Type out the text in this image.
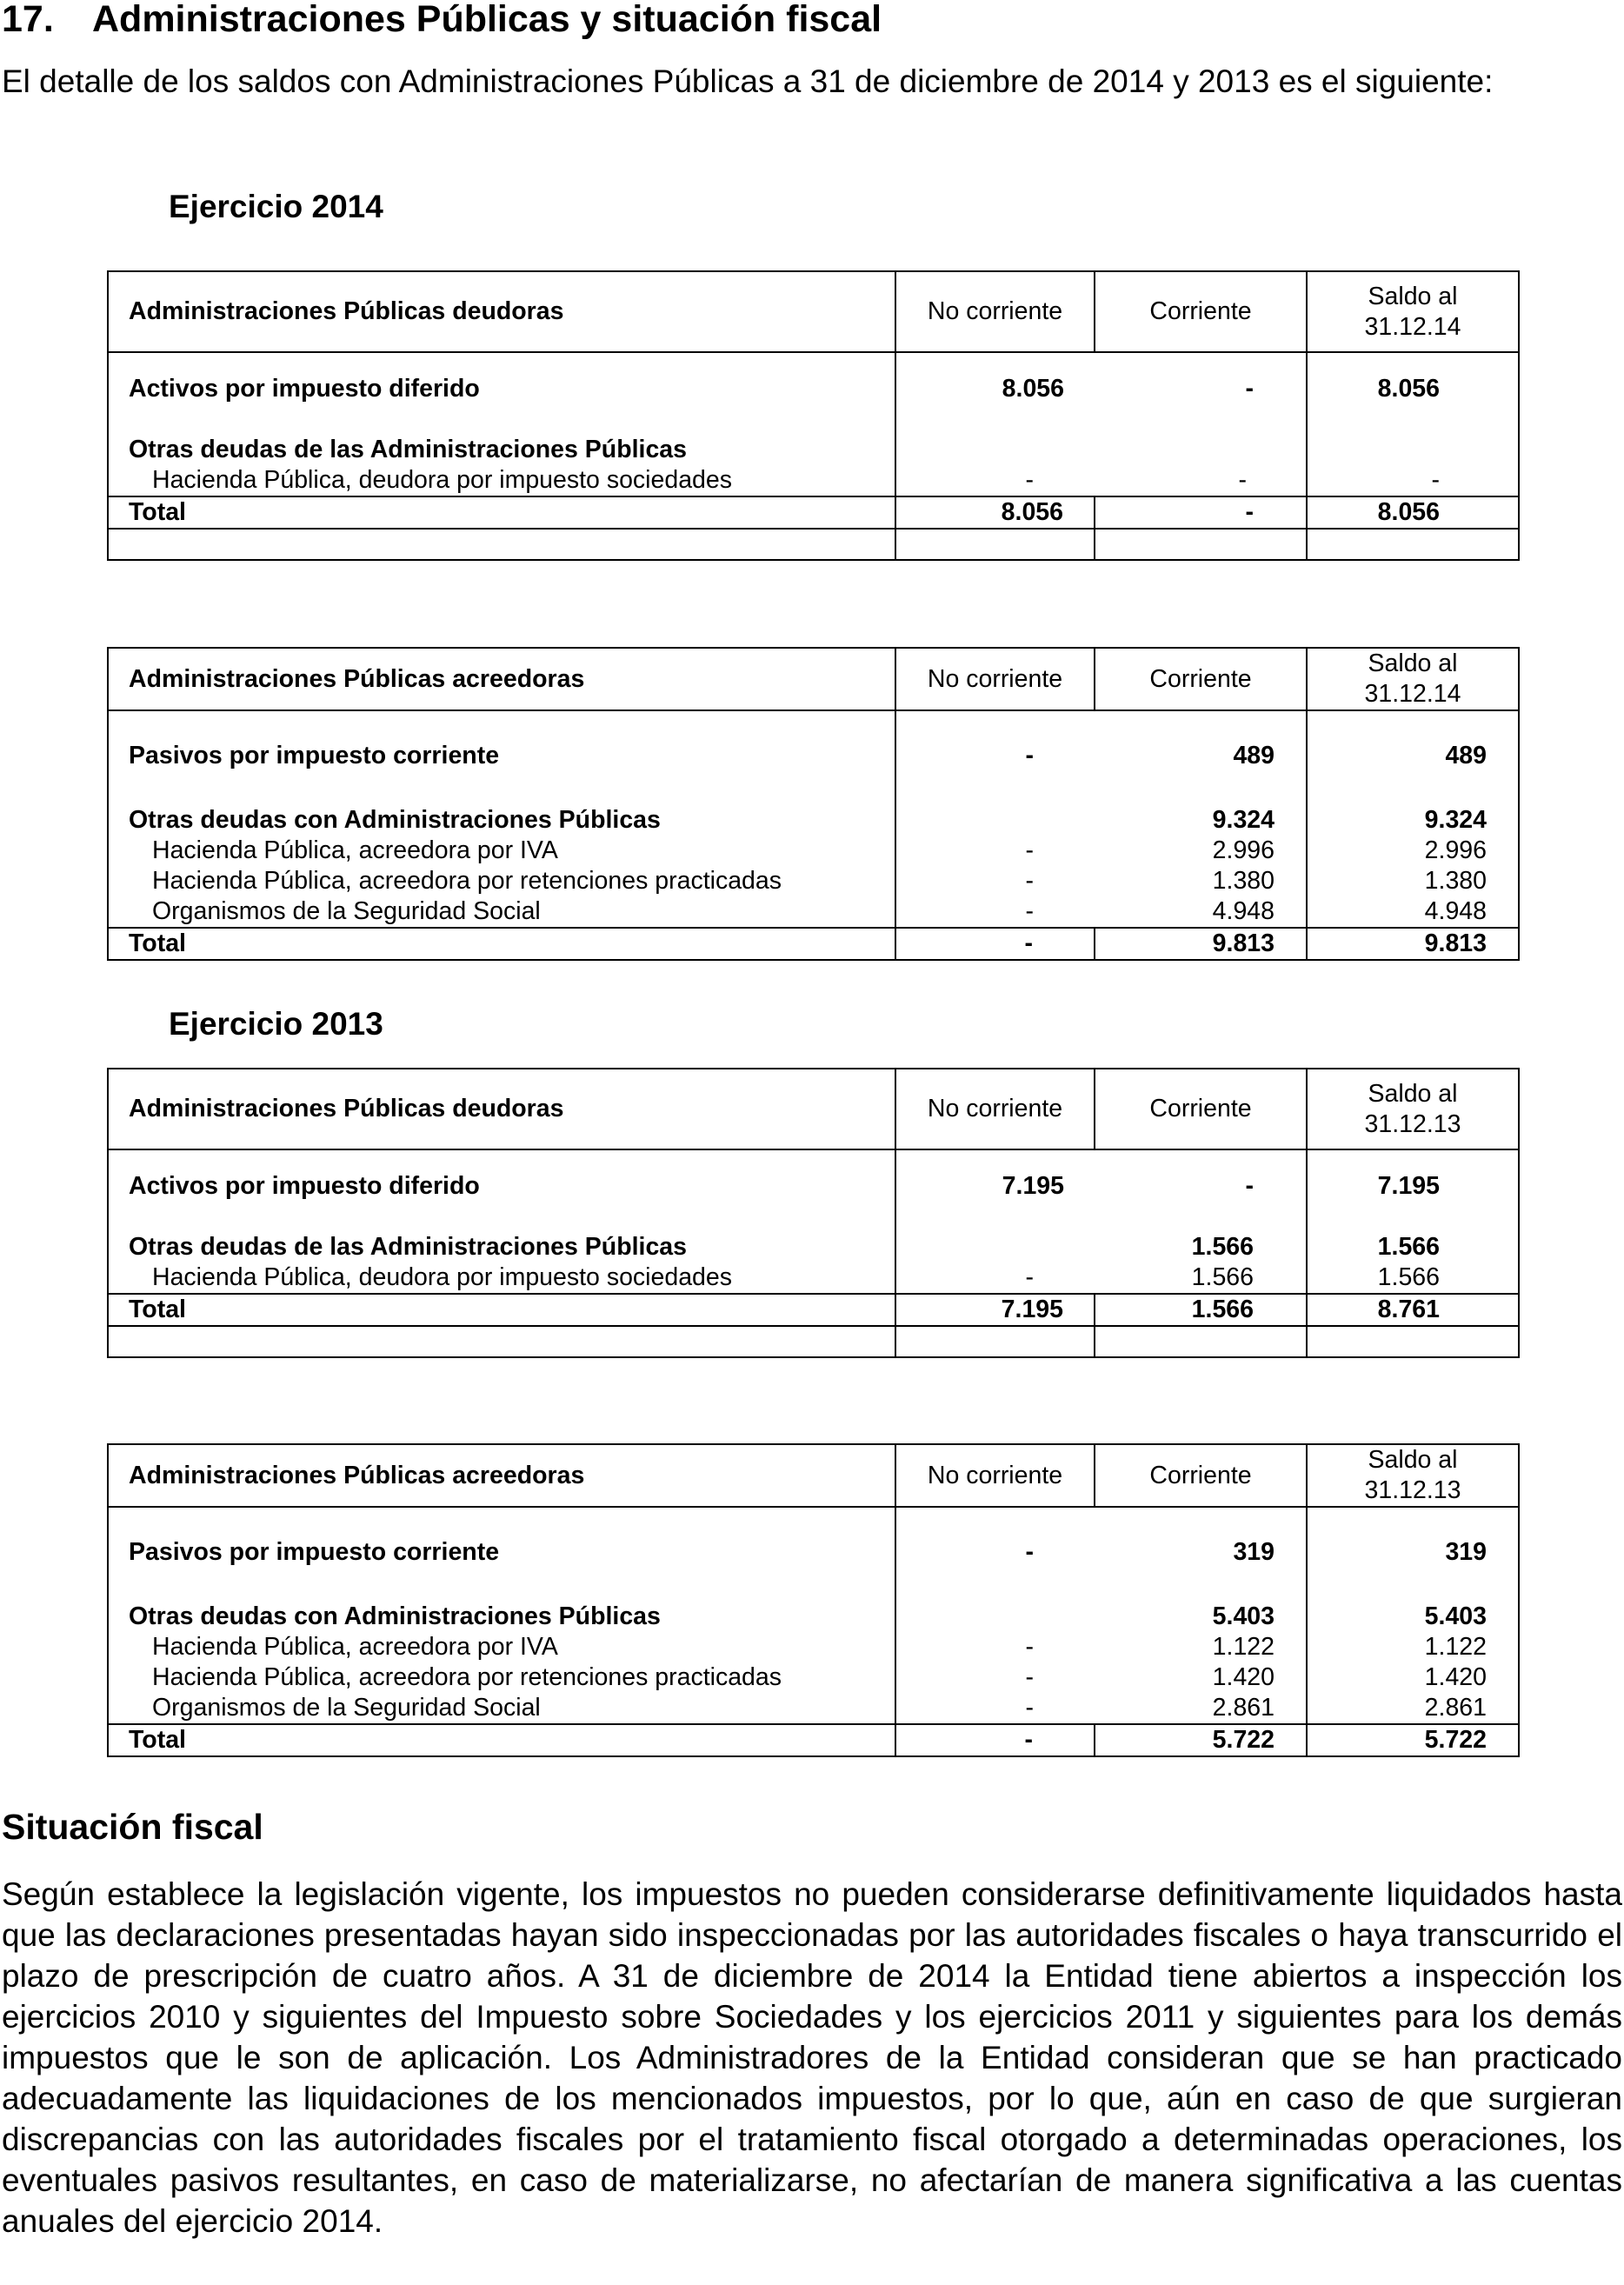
17. Administraciones Públicas y situación fiscal
El detalle de los saldos con Administraciones Públicas a 31 de diciembre de 2014 y 2013 es el siguiente:
Ejercicio 2014
Administraciones Públicas deudoras	No corriente	Corriente	Saldo al
31.12.14

Activos por impuesto diferido	8.056	-	8.056

Otras deudas de las Administraciones Públicas			
Hacienda Pública, deudora por impuesto sociedades	-	-	-
Total	8.056	-	8.056

Administraciones Públicas acreedoras	No corriente	Corriente	Saldo al
31.12.14

Pasivos por impuesto corriente	-	489	489
Otras deudas con Administraciones Públicas		9.324	9.324
Hacienda Pública, acreedora por IVA	-	2.996	2.996
Hacienda Pública, acreedora por retenciones practicadas	-	1.380	1.380
Organismos de la Seguridad Social	-	4.948	4.948
Total	-	9.813	9.813
Ejercicio 2013
Administraciones Públicas deudoras	No corriente	Corriente	Saldo al
31.12.13

Activos por impuesto diferido	7.195	-	7.195

Otras deudas de las Administraciones Públicas		1.566	1.566
Hacienda Pública, deudora por impuesto sociedades	-	1.566	1.566
Total	7.195	1.566	8.761

Administraciones Públicas acreedoras	No corriente	Corriente	Saldo al
31.12.13

Pasivos por impuesto corriente	-	319	319
Otras deudas con Administraciones Públicas		5.403	5.403
Hacienda Pública, acreedora por IVA	-	1.122	1.122
Hacienda Pública, acreedora por retenciones practicadas	-	1.420	1.420
Organismos de la Seguridad Social	-	2.861	2.861
Total	-	5.722	5.722
Situación fiscal
Según establece la legislación vigente, los impuestos no pueden considerarse definitivamente liquidados hasta que las declaraciones presentadas hayan sido inspeccionadas por las autoridades fiscales o haya transcurrido el plazo de prescripción de cuatro años. A 31 de diciembre de 2014 la Entidad tiene abiertos a inspección los ejercicios 2010 y siguientes del Impuesto sobre Sociedades y los ejercicios 2011 y siguientes para los demás impuestos que le son de aplicación. Los Administradores de la Entidad consideran que se han practicado adecuadamente las liquidaciones de los mencionados impuestos, por lo que, aún en caso de que surgieran discrepancias con las autoridades fiscales por el tratamiento fiscal otorgado a determinadas operaciones, los eventuales pasivos resultantes, en caso de materializarse, no afectarían de manera significativa a las cuentas anuales del ejercicio 2014.
